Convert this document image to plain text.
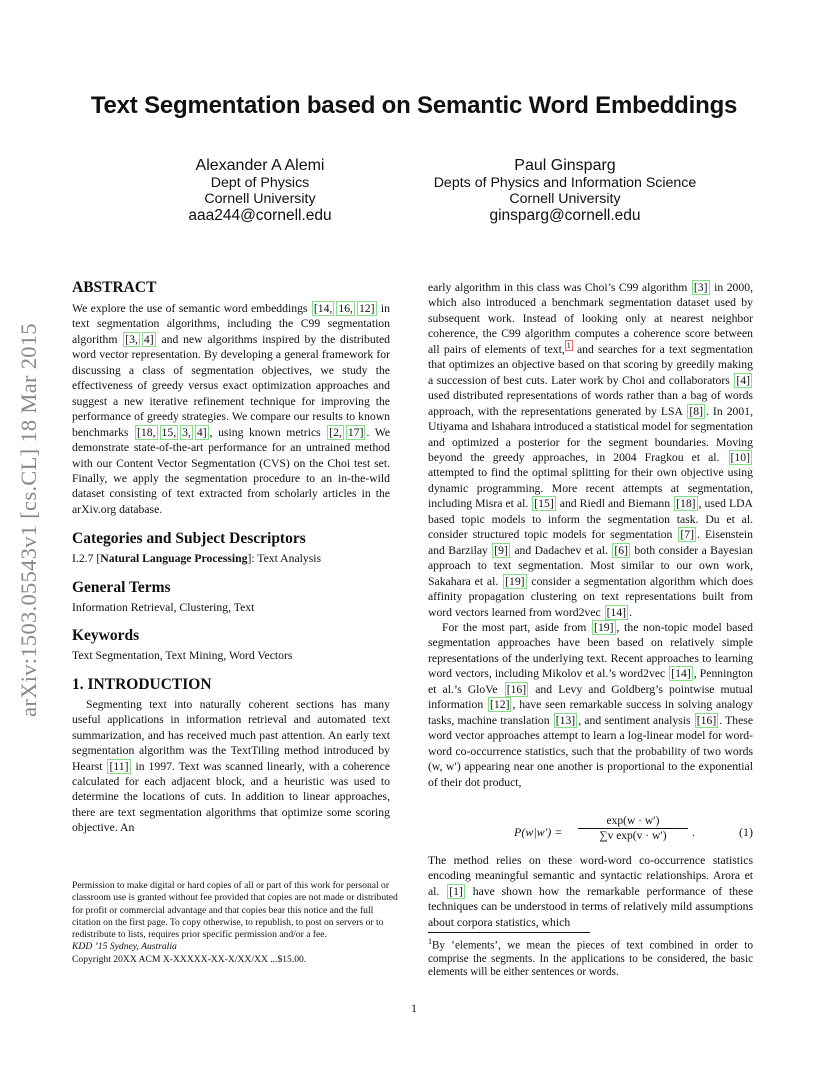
arXiv:1503.05543v1 [cs.CL] 18 Mar 2015
Text Segmentation based on Semantic Word Embeddings
Alexander A Alemi
Dept of Physics
Cornell University
aaa244@cornell.edu
Paul Ginsparg
Depts of Physics and Information Science
Cornell University
ginsparg@cornell.edu

ABSTRACT

We explore the use of semantic word embeddings [14, 16, 12] in text segmentation algorithms, including the C99 segmentation algorithm [3, 4] and new algorithms inspired by the distributed word vector representation. By developing a general framework for discussing a class of segmentation objectives, we study the effectiveness of greedy versus exact optimization approaches and suggest a new iterative refinement technique for improving the performance of greedy strategies. We compare our results to known benchmarks [18, 15, 3, 4] , using known metrics [2, 17] . We demonstrate state-of-the-art performance for an untrained method with our Content Vector Segmentation (CVS) on the Choi test set. Finally, we apply the segmentation procedure to an in-the-wild dataset consisting of text extracted from scholarly articles in the arXiv.org database.

Categories and Subject Descriptors

I.2.7 [Natural Language Processing]: Text Analysis

General Terms

Information Retrieval, Clustering, Text

Keywords

Text Segmentation, Text Mining, Word Vectors

1. INTRODUCTION

Segmenting text into naturally coherent sections has many useful applications in information retrieval and automated text summarization, and has received much past attention. An early text segmentation algorithm was the TextTiling method introduced by Hearst [11] in 1997. Text was scanned linearly, with a coherence calculated for each adjacent block, and a heuristic was used to determine the locations of cuts. In addition to linear approaches, there are text segmentation algorithms that optimize some scoring objective. An

Permission to make digital or hard copies of all or part of this work for personal or classroom use is granted without fee provided that copies are not made or distributed for profit or commercial advantage and that copies bear this notice and the full citation on the first page. To copy otherwise, to republish, to post on servers or to redistribute to lists, requires prior specific permission and/or a fee.

KDD ’15 Sydney, Australia

Copyright 20XX ACM X-XXXXX-XX-X/XX/XX ...$15.00.

early algorithm in this class was Choi’s C99 algorithm [3] in 2000, which also introduced a benchmark segmentation dataset used by subsequent work. Instead of looking only at nearest neighbor coherence, the C99 algorithm computes a coherence score between all pairs of elements of text, $^1$ and searches for a text segmentation that optimizes an objective based on that scoring by greedily making a succession of best cuts. Later work by Choi and collaborators [4] used distributed representations of words rather than a bag of words approach, with the representations generated by LSA [8] . In 2001, Utiyama and Ishahara introduced a statistical model for segmentation and optimized a posterior for the segment boundaries. Moving beyond the greedy approaches, in 2004 Fragkou et al. [10] attempted to find the optimal splitting for their own objective using dynamic programming. More recent attempts at segmentation, including Misra et al. [15] and Riedl and Biemann [18] , used LDA based topic models to inform the segmentation task. Du et al. consider structured topic models for segmentation [7] . Eisenstein and Barzilay [9] and Dadachev et al. [6] both consider a Bayesian approach to text segmentation. Most similar to our own work, Sakahara et al. [19] consider a segmentation algorithm which does affinity propagation clustering on text representations built from word vectors learned from word2vec [14] .

For the most part, aside from [19] , the non-topic model based segmentation approaches have been based on relatively simple representations of the underlying text. Recent approaches to learning word vectors, including Mikolov et al.’s word2vec [14] , Pennington et al.’s GloVe [16] and Levy and Goldberg’s pointwise mutual information [12] , have seen remarkable success in solving analogy tasks, machine translation [13] , and sentiment analysis [16] . These word vector approaches attempt to learn a log-linear model for word-word co-occurrence statistics, such that the probability of two words (w, w′) appearing near one another is proportional to the exponential of their dot product,

$P(w|w') = \frac{\exp(w \cdot w')}{\text{∑v exp(v · w′)}}$ .	(1)

The method relies on these word-word co-occurrence statistics encoding meaningful semantic and syntactic relationships. Arora et al. [1] have shown how the remarkable performance of these techniques can be understood in terms of relatively mild assumptions about corpora statistics, which

$^1$By ‘elements’, we mean the pieces of text combined in order to comprise the segments. In the applications to be considered, the basic elements will be either sentences or words.
1
